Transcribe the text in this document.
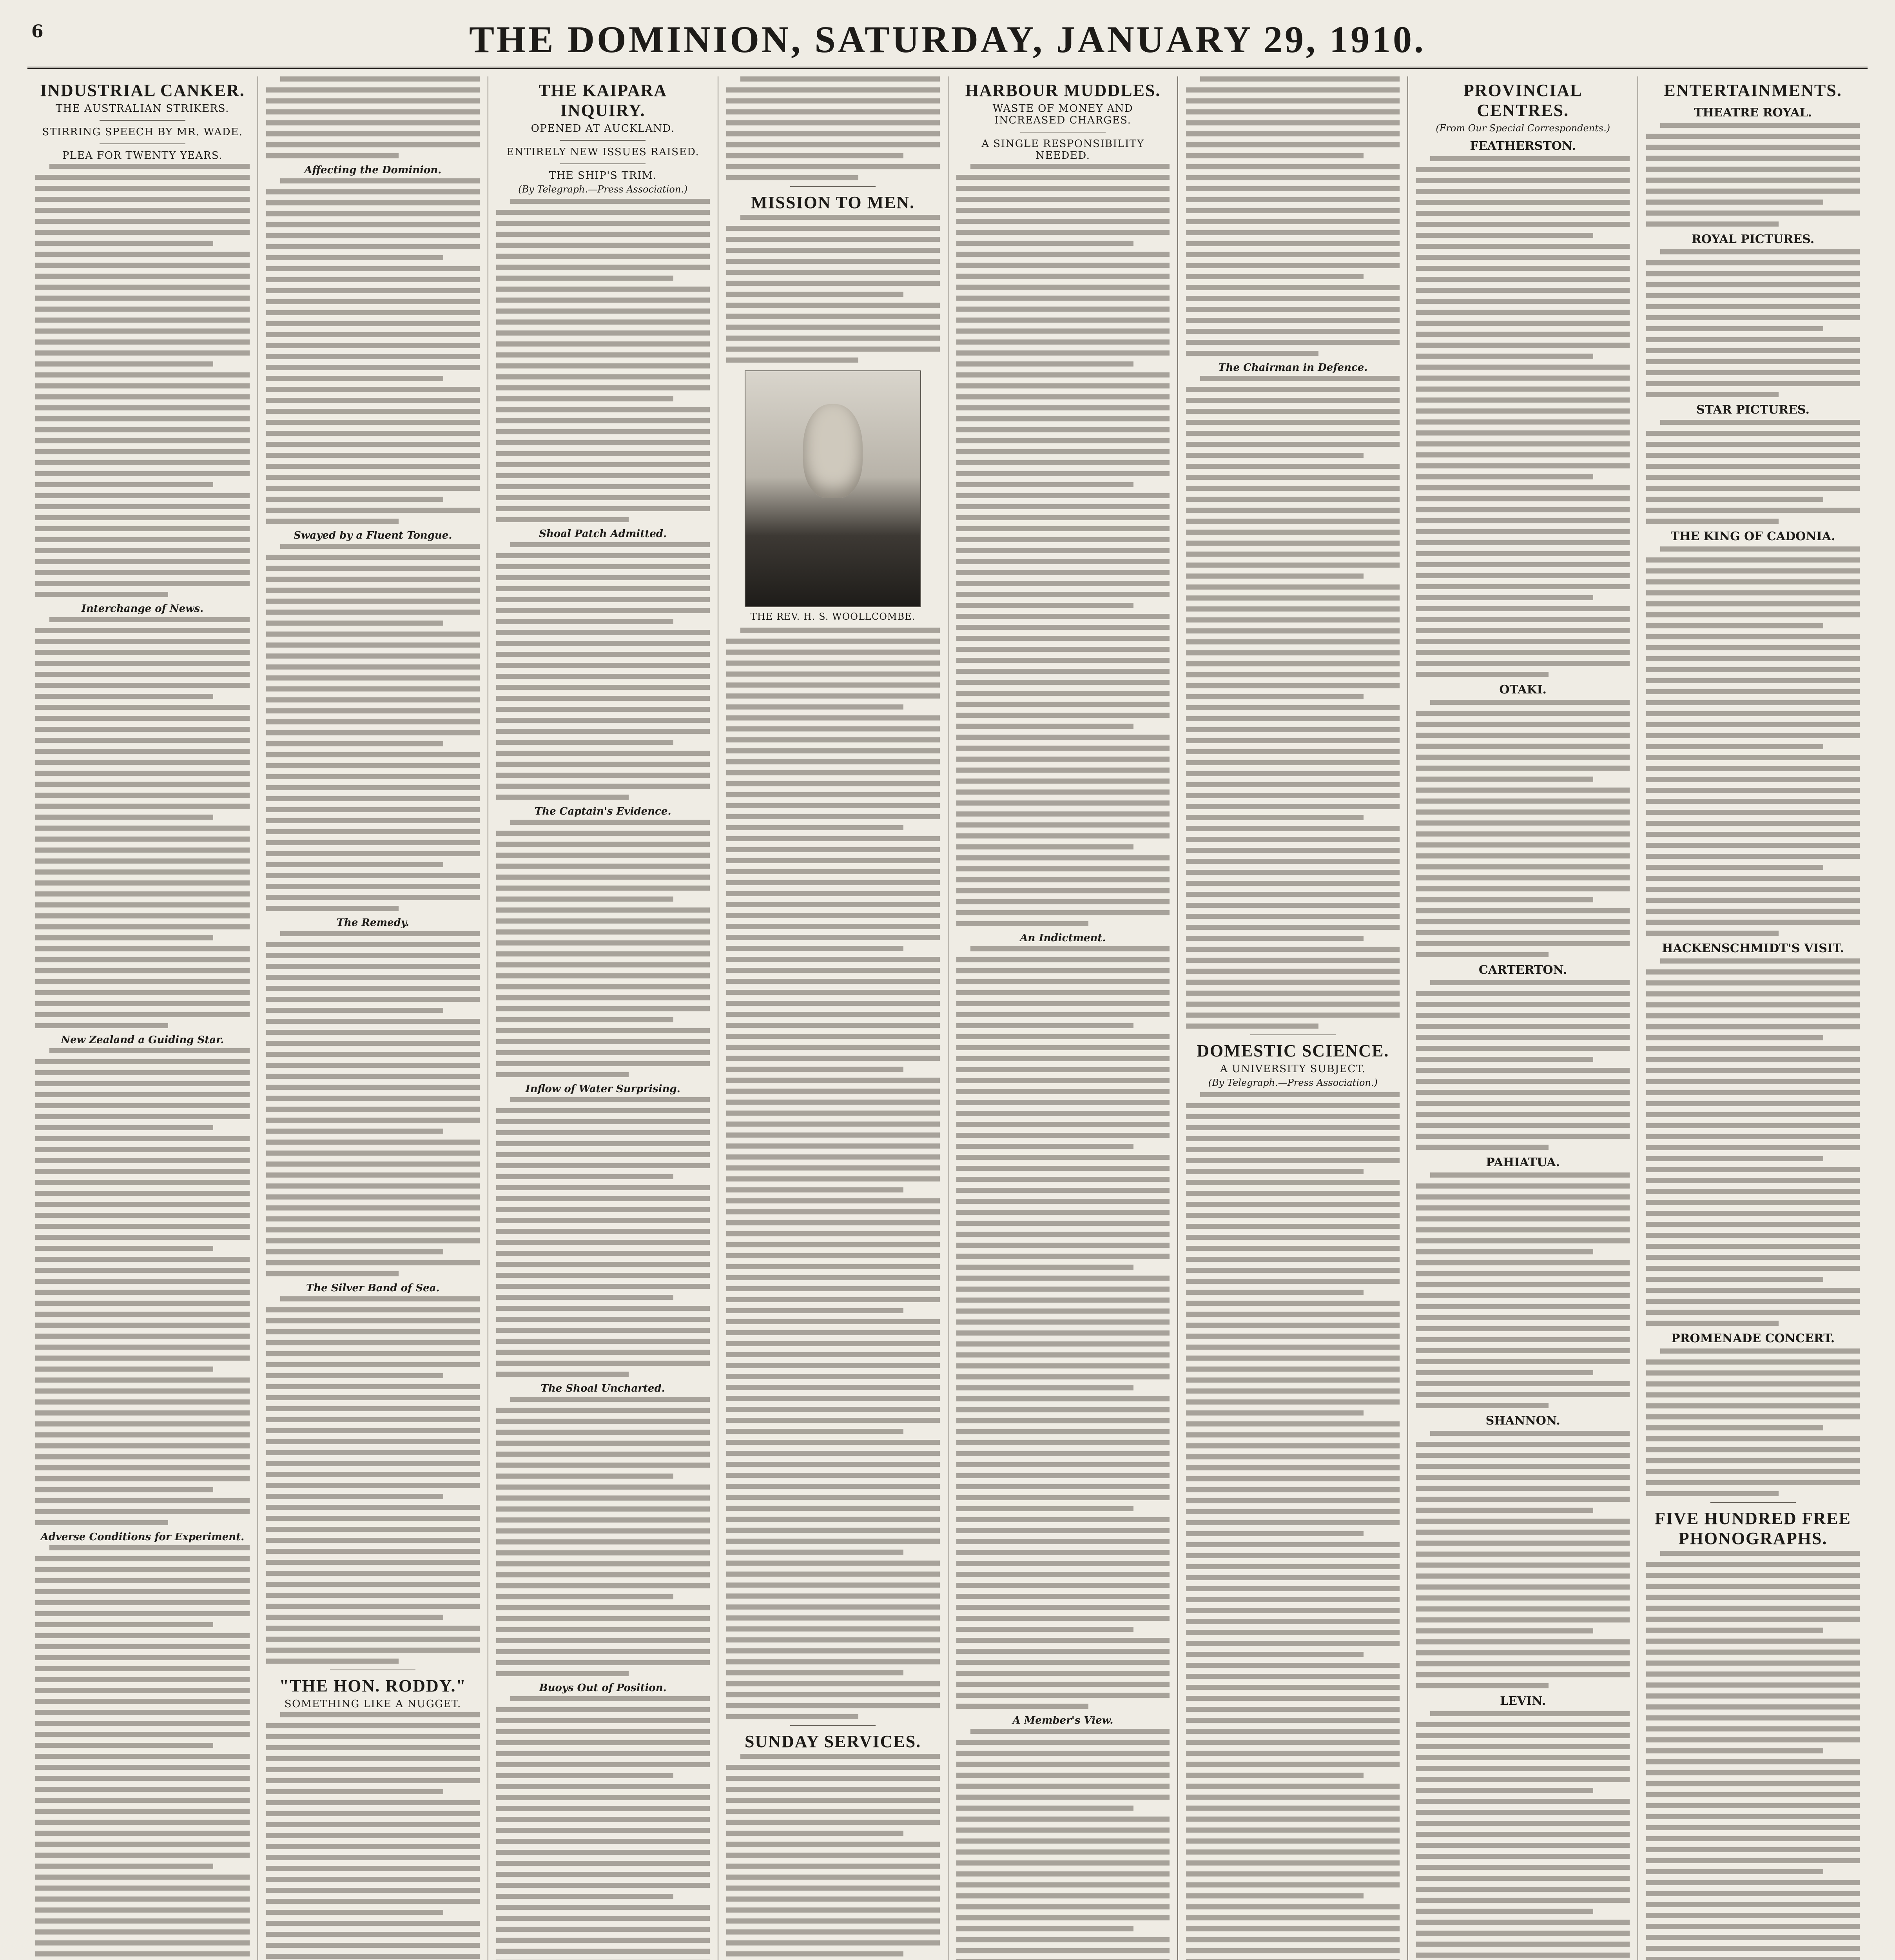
6	THE DOMINION, SATURDAY, JANUARY 29, 1910.
INDUSTRIAL CANKER.
THE AUSTRALIAN STRIKERS.
STIRRING SPEECH BY MR. WADE.
PLEA FOR TWENTY YEARS.
Interchange of News.
New Zealand a Guiding Star.
Adverse Conditions for Experiment.
Affecting the Dominion.
Swayed by a Fluent Tongue.
The Remedy.
The Silver Band of Sea.
"THE HON. RODDY."
SOMETHING LIKE A NUGGET.
THE KAIPARA INQUIRY.
OPENED AT AUCKLAND.
ENTIRELY NEW ISSUES RAISED.
THE SHIP'S TRIM.
(By Telegraph.—Press Association.)
Shoal Patch Admitted.
The Captain's Evidence.
Inflow of Water Surprising.
The Shoal Uncharted.
Buoys Out of Position.
MISSION TO MEN.
THE REV. H. S. WOOLLCOMBE.
SUNDAY SERVICES.
HARBOUR MUDDLES.
WASTE OF MONEY AND INCREASED CHARGES.
A SINGLE RESPONSIBILITY NEEDED.
An Indictment.
A Member's View.
The Chairman in Defence.
DOMESTIC SCIENCE.
A UNIVERSITY SUBJECT.
(By Telegraph.—Press Association.)
PROVINCIAL CENTRES.
(From Our Special Correspondents.)
FEATHERSTON.
OTAKI.
CARTERTON.
PAHIATUA.
SHANNON.
LEVIN.
ENTERTAINMENTS.
THEATRE ROYAL.
ROYAL PICTURES.
STAR PICTURES.
THE KING OF CADONIA.
HACKENSCHMIDT'S VISIT.
PROMENADE CONCERT.
FIVE HUNDRED FREE PHONOGRAPHS.
